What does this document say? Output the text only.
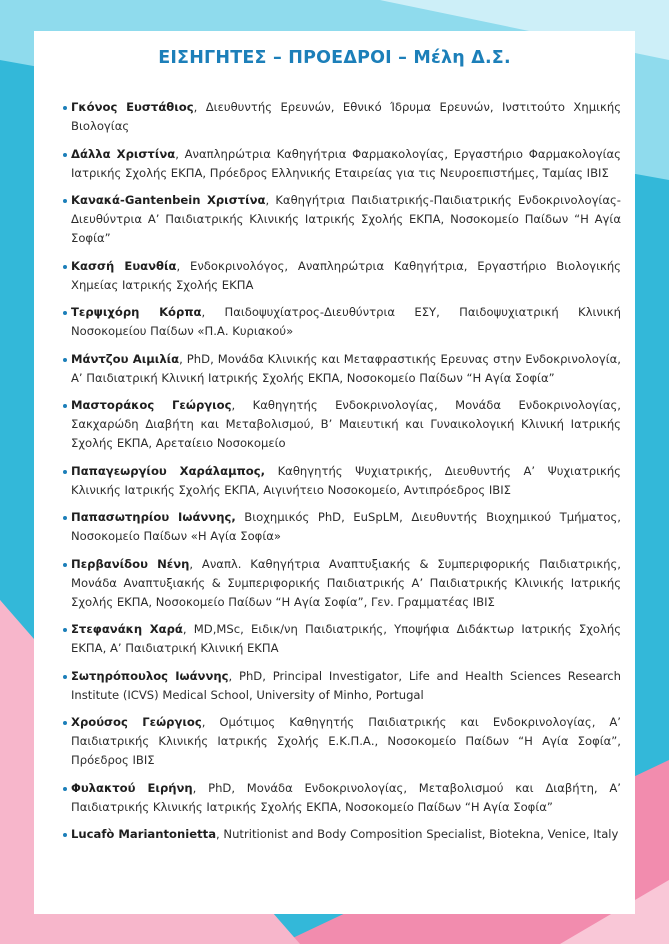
ΕΙΣΗΓΗΤΕΣ – ΠΡΟΕΔΡΟΙ – Μέλη Δ.Σ.
Γκόνος Ευστάθιος, Διευθυντής Ερευνών, Εθνικό Ίδρυμα Ερευνών, Ινστιτούτο Χημικής Βιολογίας
Δάλλα Χριστίνα, Αναπληρώτρια Καθηγήτρια Φαρμακολογίας, Εργαστήριο Φαρμακολογίας Ιατρικής Σχολής ΕΚΠΑ, Πρόεδρος Ελληνικής Εταιρείας για τις Νευροεπιστήμες, Ταμίας ΙΒΙΣ
Κανακά-Gantenbein Χριστίνα, Καθηγήτρια Παιδιατρικής-Παιδιατρικής Ενδοκρινολογίας-Διευθύντρια Α’ Παιδιατρικής Κλινικής Ιατρικής Σχολής ΕΚΠΑ, Νοσοκομείο Παίδων “Η Αγία Σοφία”
Κασσή Ευανθία, Ενδοκρινολόγος, Αναπληρώτρια Καθηγήτρια, Εργαστήριο Βιολογικής Χημείας Ιατρικής Σχολής ΕΚΠΑ
Τερψιχόρη Κόρπα, Παιδοψυχίατρος-Διευθύντρια ΕΣΥ, Παιδοψυχιατρική Κλινική Νοσοκομείου Παίδων «Π.Α. Κυριακού»
Μάντζου Αιμιλία, PhD, Μονάδα Κλινικής και Μεταφραστικής Ερευνας στην Ενδοκρινολογία, Α’ Παιδιατρική Κλινική Ιατρικής Σχολής ΕΚΠΑ, Νοσοκομείο Παίδων “Η Αγία Σοφία”
Μαστοράκος Γεώργιος, Καθηγητής Ενδοκρινολογίας, Μονάδα Ενδοκρινολογίας, Σακχαρώδη Διαβήτη και Μεταβολισμού, Β’ Μαιευτική και Γυναικολογική Κλινική Ιατρικής Σχολής ΕΚΠΑ, Αρεταίειο Νοσοκομείο
Παπαγεωργίου Χαράλαμπος, Καθηγητής Ψυχιατρικής, Διευθυντής Α’ Ψυχιατρικής Κλινικής Ιατρικής Σχολής ΕΚΠΑ, Αιγινήτειο Νοσοκομείο, Αντιπρόεδρος ΙΒΙΣ
Παπασωτηρίου Ιωάννης, Βιοχημικός PhD, EuSpLM, Διευθυντής Βιοχημικού Τμήματος, Νοσοκομείο Παίδων «Η Αγία Σοφία»
Περβανίδου Νένη, Αναπλ. Καθηγήτρια Αναπτυξιακής & Συμπεριφορικής Παιδιατρικής, Μονάδα Αναπτυξιακής & Συμπεριφορικής Παιδιατρικής Α’ Παιδιατρικής Κλινικής Ιατρικής Σχολής ΕΚΠΑ, Νοσοκομείο Παίδων “Η Αγία Σοφία”, Γεν. Γραμματέας ΙΒΙΣ
Στεφανάκη Χαρά, MD,MSc, Ειδικ/νη Παιδιατρικής, Υποψήφια Διδάκτωρ Ιατρικής Σχολής ΕΚΠΑ, Α’ Παιδιατρική Κλινική ΕΚΠΑ
Σωτηρόπουλος Ιωάννης, PhD, Principal Investigator, Life and Health Sciences Research Institute (ICVS) Medical School, University of Minho, Portugal
Χρούσος Γεώργιος, Ομότιμος Καθηγητής Παιδιατρικής και Ενδοκρινολογίας, Α’ Παιδιατρικής Κλινικής Ιατρικής Σχολής Ε.Κ.Π.Α., Νοσοκομείο Παίδων “Η Αγία Σοφία”, Πρόεδρος ΙΒΙΣ
Φυλακτού Ειρήνη, PhD, Μονάδα Ενδοκρινολογίας, Μεταβολισμού και Διαβήτη, Α’ Παιδιατρικής Κλινικής Ιατρικής Σχολής ΕΚΠΑ, Νοσοκομείο Παίδων “Η Αγία Σοφία”
Lucafò Mariantonietta, Nutritionist and Body Composition Specialist, Biotekna, Venice, Italy
